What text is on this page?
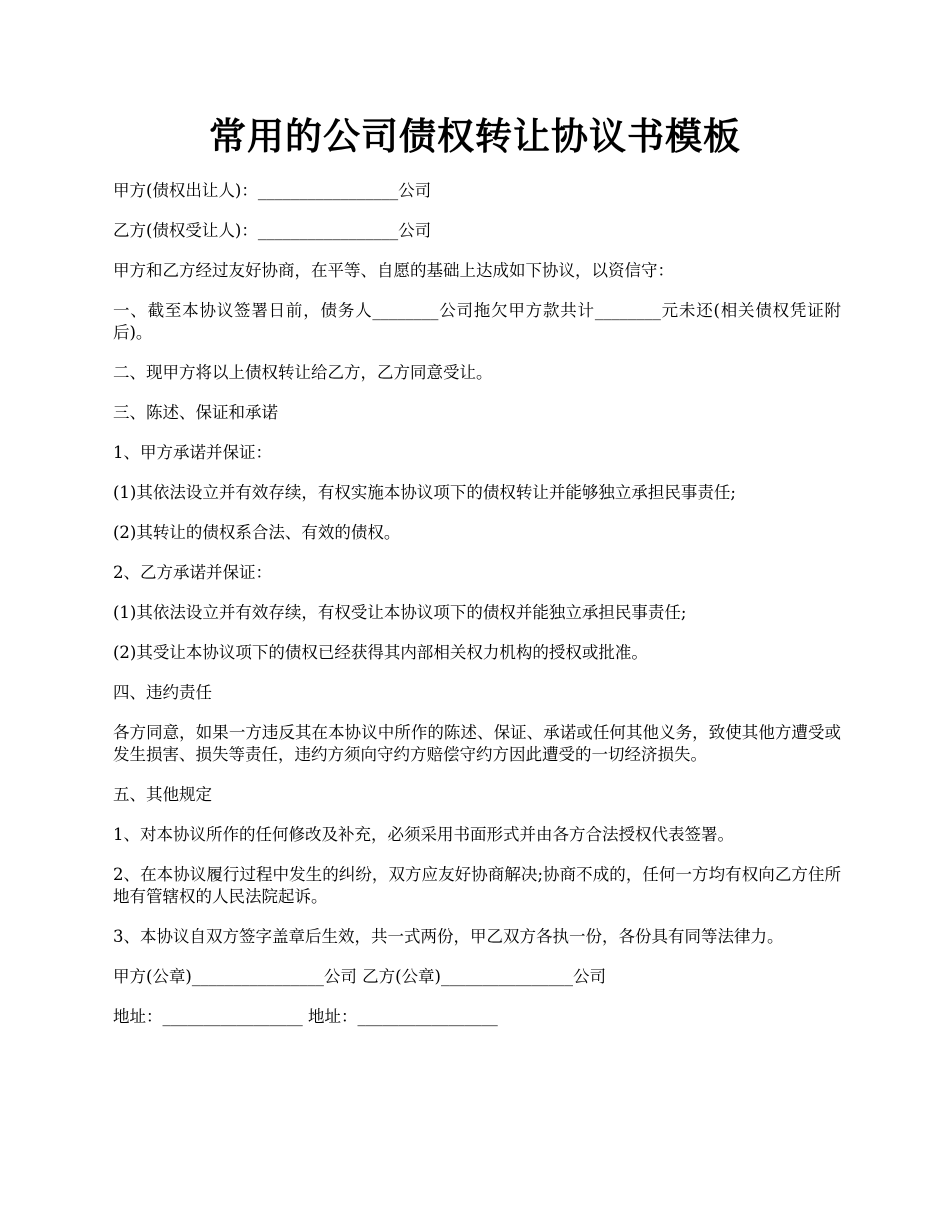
常用的公司债权转让协议书模板

甲方(债权出让人)：_________________公司

乙方(债权受让人)：_________________公司

甲方和乙方经过友好协商，在平等、自愿的基础上达成如下协议，以资信守：

一、截至本协议签署日前，债务人________公司拖欠甲方款共计________元未还(相关债权凭证附后)。

二、现甲方将以上债权转让给乙方，乙方同意受让。

三、陈述、保证和承诺

1、甲方承诺并保证：

(1)其依法设立并有效存续，有权实施本协议项下的债权转让并能够独立承担民事责任;

(2)其转让的债权系合法、有效的债权。

2、乙方承诺并保证：

(1)其依法设立并有效存续，有权受让本协议项下的债权并能独立承担民事责任;

(2)其受让本协议项下的债权已经获得其内部相关权力机构的授权或批准。

四、违约责任

各方同意，如果一方违反其在本协议中所作的陈述、保证、承诺或任何其他义务，致使其他方遭受或发生损害、损失等责任，违约方须向守约方赔偿守约方因此遭受的一切经济损失。

五、其他规定

1、对本协议所作的任何修改及补充，必须采用书面形式并由各方合法授权代表签署。

2、在本协议履行过程中发生的纠纷，双方应友好协商解决;协商不成的，任何一方均有权向乙方住所地有管辖权的人民法院起诉。

3、本协议自双方签字盖章后生效，共一式两份，甲乙双方各执一份，各份具有同等法律力。

甲方(公章)________________公司 乙方(公章)________________公司

地址：_________________ 地址：_________________
